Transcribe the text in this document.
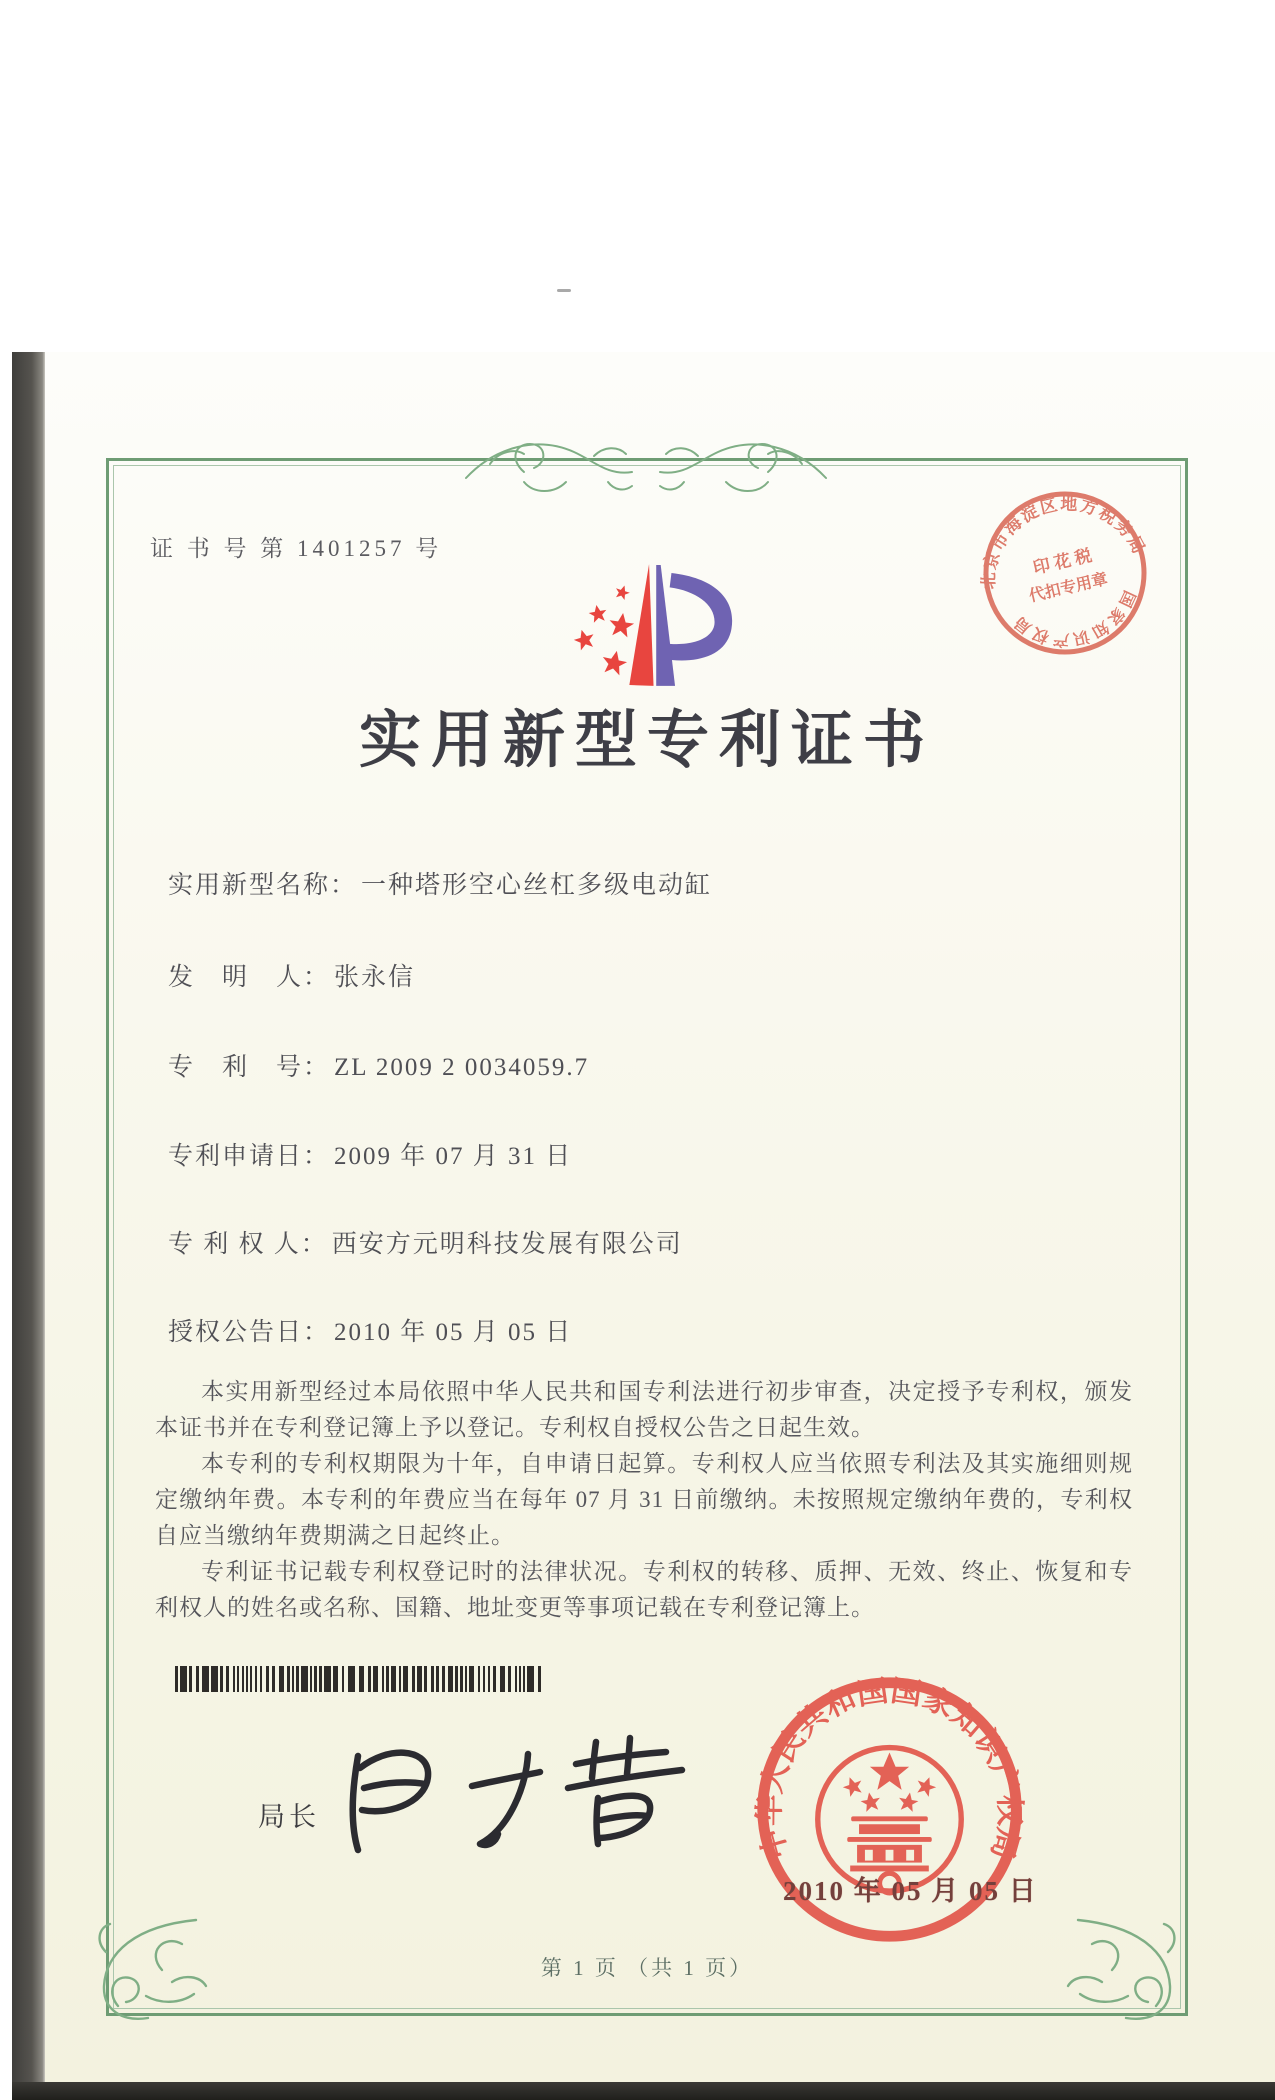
证 书 号 第 1401257 号
北京市海淀区地方税务局
国家知识产权局
印 花 税
代扣专用章
实用新型专利证书
实用新型名称： 一种塔形空心丝杠多级电动缸
发　明　人： 张永信
专　利　号： ZL 2009 2 0034059.7
专利申请日： 2009 年 07 月 31 日
专 利 权 人： 西安方元明科技发展有限公司
授权公告日： 2010 年 05 月 05 日

本实用新型经过本局依照中华人民共和国专利法进行初步审查，决定授予专利权，颁发本证书并在专利登记簿上予以登记。专利权自授权公告之日起生效。

本专利的专利权期限为十年，自申请日起算。专利权人应当依照专利法及其实施细则规定缴纳年费。本专利的年费应当在每年 07 月 31 日前缴纳。未按照规定缴纳年费的，专利权自应当缴纳年费期满之日起终止。

专利证书记载专利权登记时的法律状况。专利权的转移、质押、无效、终止、恢复和专利权人的姓名或名称、国籍、地址变更等事项记载在专利登记簿上。

局长
中华人民共和国国家知识产权局
2010 年 05 月 05 日
第 1 页 （共 1 页）
